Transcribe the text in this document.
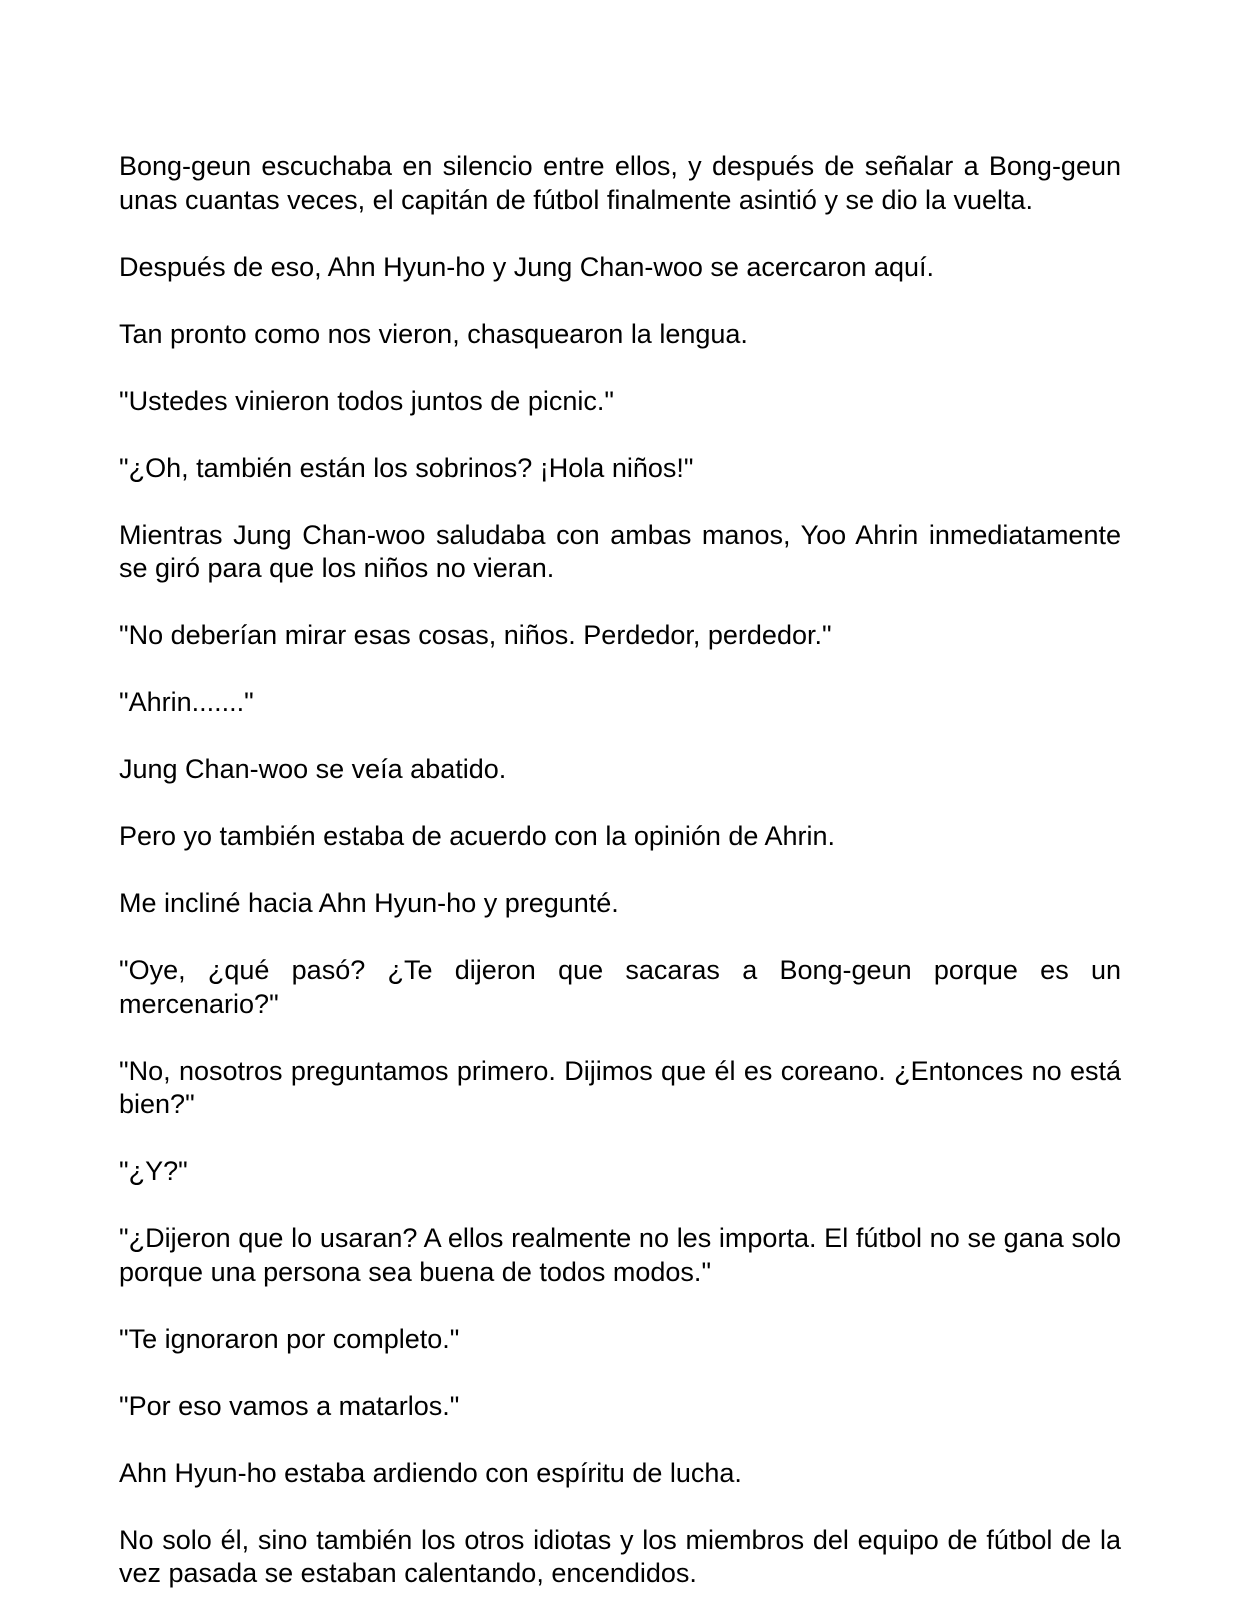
Bong-geun escuchaba en silencio entre ellos, y después de señalar a Bong-geun unas cuantas veces, el capitán de fútbol finalmente asintió y se dio la vuelta.

Después de eso, Ahn Hyun-ho y Jung Chan-woo se acercaron aquí.

Tan pronto como nos vieron, chasquearon la lengua.

"Ustedes vinieron todos juntos de picnic."

"¿Oh, también están los sobrinos? ¡Hola niños!"

Mientras Jung Chan-woo saludaba con ambas manos, Yoo Ahrin inmediatamente se giró para que los niños no vieran.

"No deberían mirar esas cosas, niños. Perdedor, perdedor."

"Ahrin......."

Jung Chan-woo se veía abatido.

Pero yo también estaba de acuerdo con la opinión de Ahrin.

Me incliné hacia Ahn Hyun-ho y pregunté.

"Oye, ¿qué pasó? ¿Te dijeron que sacaras a Bong-geun porque es un mercenario?"

"No, nosotros preguntamos primero. Dijimos que él es coreano. ¿Entonces no está bien?"

"¿Y?"

"¿Dijeron que lo usaran? A ellos realmente no les importa. El fútbol no se gana solo porque una persona sea buena de todos modos."

"Te ignoraron por completo."

"Por eso vamos a matarlos."

Ahn Hyun-ho estaba ardiendo con espíritu de lucha.

No solo él, sino también los otros idiotas y los miembros del equipo de fútbol de la vez pasada se estaban calentando, encendidos.
